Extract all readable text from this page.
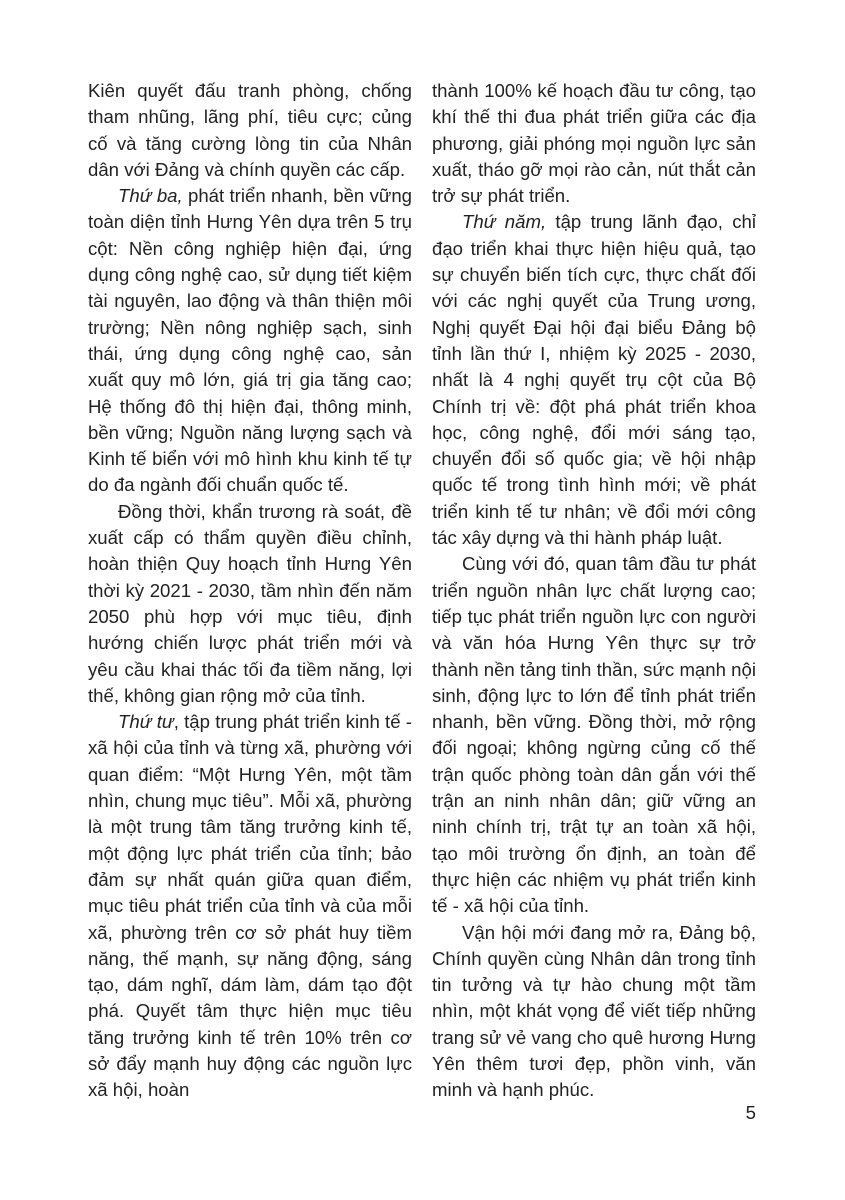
Kiên quyết đấu tranh phòng, chống tham nhũng, lãng phí, tiêu cực; củng cố và tăng cường lòng tin của Nhân dân với Đảng và chính quyền các cấp.

Thứ ba, phát triển nhanh, bền vững toàn diện tỉnh Hưng Yên dựa trên 5 trụ cột: Nền công nghiệp hiện đại, ứng dụng công nghệ cao, sử dụng tiết kiệm tài nguyên, lao động và thân thiện môi trường; Nền nông nghiệp sạch, sinh thái, ứng dụng công nghệ cao, sản xuất quy mô lớn, giá trị gia tăng cao; Hệ thống đô thị hiện đại, thông minh, bền vững; Nguồn năng lượng sạch và Kinh tế biển với mô hình khu kinh tế tự do đa ngành đối chuẩn quốc tế.

Đồng thời, khẩn trương rà soát, đề xuất cấp có thẩm quyền điều chỉnh, hoàn thiện Quy hoạch tỉnh Hưng Yên thời kỳ 2021 - 2030, tầm nhìn đến năm 2050 phù hợp với mục tiêu, định hướng chiến lược phát triển mới và yêu cầu khai thác tối đa tiềm năng, lợi thế, không gian rộng mở của tỉnh.

Thứ tư, tập trung phát triển kinh tế - xã hội của tỉnh và từng xã, phường với quan điểm: “Một Hưng Yên, một tầm nhìn, chung mục tiêu”. Mỗi xã, phường là một trung tâm tăng trưởng kinh tế, một động lực phát triển của tỉnh; bảo đảm sự nhất quán giữa quan điểm, mục tiêu phát triển của tỉnh và của mỗi xã, phường trên cơ sở phát huy tiềm năng, thế mạnh, sự năng động, sáng tạo, dám nghĩ, dám làm, dám tạo đột phá. Quyết tâm thực hiện mục tiêu tăng trưởng kinh tế trên 10% trên cơ sở đẩy mạnh huy động các nguồn lực xã hội, hoàn

thành 100% kế hoạch đầu tư công, tạo khí thế thi đua phát triển giữa các địa phương, giải phóng mọi nguồn lực sản xuất, tháo gỡ mọi rào cản, nút thắt cản trở sự phát triển.

Thứ năm, tập trung lãnh đạo, chỉ đạo triển khai thực hiện hiệu quả, tạo sự chuyển biến tích cực, thực chất đối với các nghị quyết của Trung ương, Nghị quyết Đại hội đại biểu Đảng bộ tỉnh lần thứ I, nhiệm kỳ 2025 - 2030, nhất là 4 nghị quyết trụ cột của Bộ Chính trị về: đột phá phát triển khoa học, công nghệ, đổi mới sáng tạo, chuyển đổi số quốc gia; về hội nhập quốc tế trong tình hình mới; về phát triển kinh tế tư nhân; về đổi mới công tác xây dựng và thi hành pháp luật.

Cùng với đó, quan tâm đầu tư phát triển nguồn nhân lực chất lượng cao; tiếp tục phát triển nguồn lực con người và văn hóa Hưng Yên thực sự trở thành nền tảng tinh thần, sức mạnh nội sinh, động lực to lớn để tỉnh phát triển nhanh, bền vững. Đồng thời, mở rộng đối ngoại; không ngừng củng cố thế trận quốc phòng toàn dân gắn với thế trận an ninh nhân dân; giữ vững an ninh chính trị, trật tự an toàn xã hội, tạo môi trường ổn định, an toàn để thực hiện các nhiệm vụ phát triển kinh tế - xã hội của tỉnh.

Vận hội mới đang mở ra, Đảng bộ, Chính quyền cùng Nhân dân trong tỉnh tin tưởng và tự hào chung một tầm nhìn, một khát vọng để viết tiếp những trang sử vẻ vang cho quê hương Hưng Yên thêm tươi đẹp, phồn vinh, văn minh và hạnh phúc.

5
